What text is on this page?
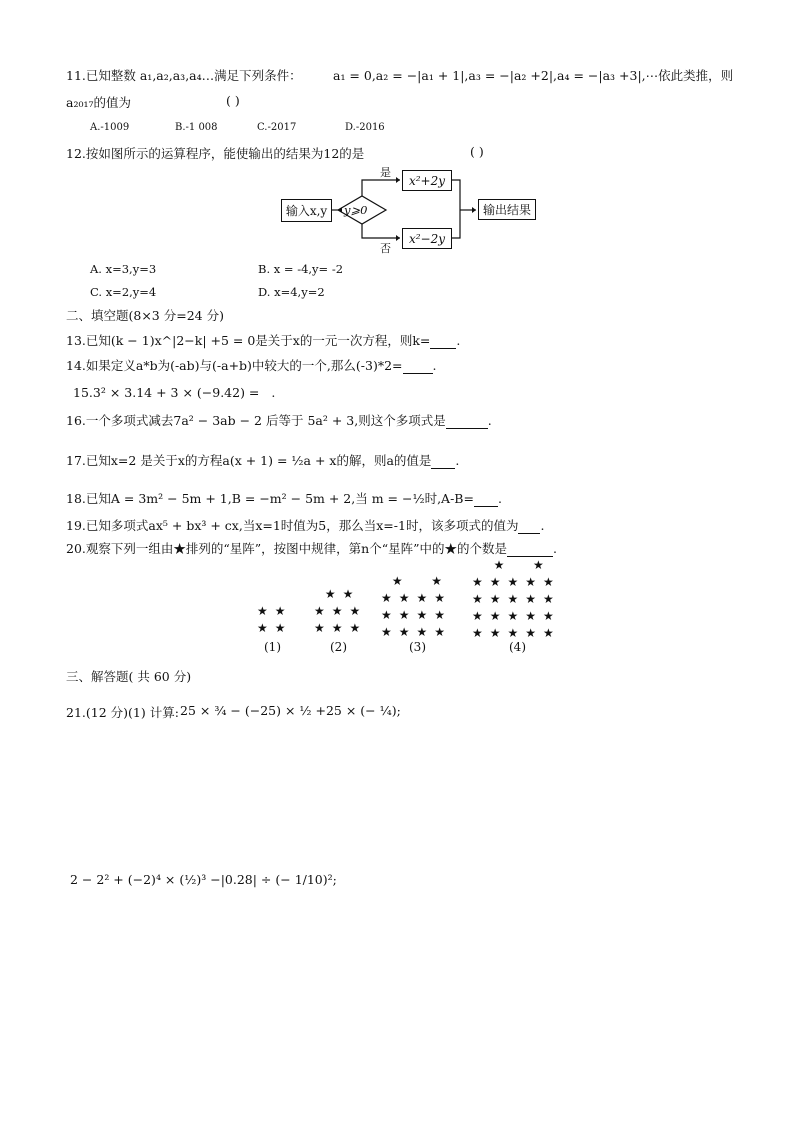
11.已知整数 a₁,a₂,a₃,a₄…满足下列条件：	a₁ = 0,a₂ = −|a₁ + 1|,a₃ = −|a₂ +2|,a₄ = −|a₃ +3|,⋯依此类推，则
a₂₀₁₇的值为	( )
A.-1009	B.-1 008	C.-2017	D.-2016
12.按如图所示的运算程序，能使输出的结果为12的是	( )
输入x,y y⩾0
是
否
x²+2y
x²−2y
输出结果
A. x=3,y=3	B. x = -4,y= -2
C. x=2,y=4	D. x=4,y=2
二、填空题(8×3 分=24 分)
13.已知(k − 1)x^|2−k| +5 = 0是关于x的一元一次方程，则k= .
14.如果定义a*b为(-ab)与(-a+b)中较大的一个,那么(-3)*2= .
15.3² × 3.14 + 3 × (−9.42) = .
16.一个多项式减去7a² − 3ab − 2 后等于 5a² + 3,则这个多项式是	.
17.已知x=2 是关于x的方程a(x + 1) = ½a + x的解，则a的值是 .
18.已知A = 3m² − 5m + 1,B = −m² − 5m + 2,当 m = −½时,A-B= .
19.已知多项式ax⁵ + bx³ + cx,当x=1时值为5，那么当x=-1时，该多项式的值为 .
20.观察下列一组由★排列的“星阵”，按图中规律，第n个“星阵”中的★的个数是	.
★★
★★
★★
★★★
★★★
★  ★
★★★★
★★★★
★★★★
★  ★
★★★★★
★★★★★
★★★★★
★★★★★
(1)	(2)	(3)	(4)
三、解答题( 共 60 分)
21.(12 分)(1) 计算: 25 × ¾ − (−25) × ½ +25 × (− ¼);
2 − 2² + (−2)⁴ × (½)³ −|0.28| ÷ (− 1/10)²;
